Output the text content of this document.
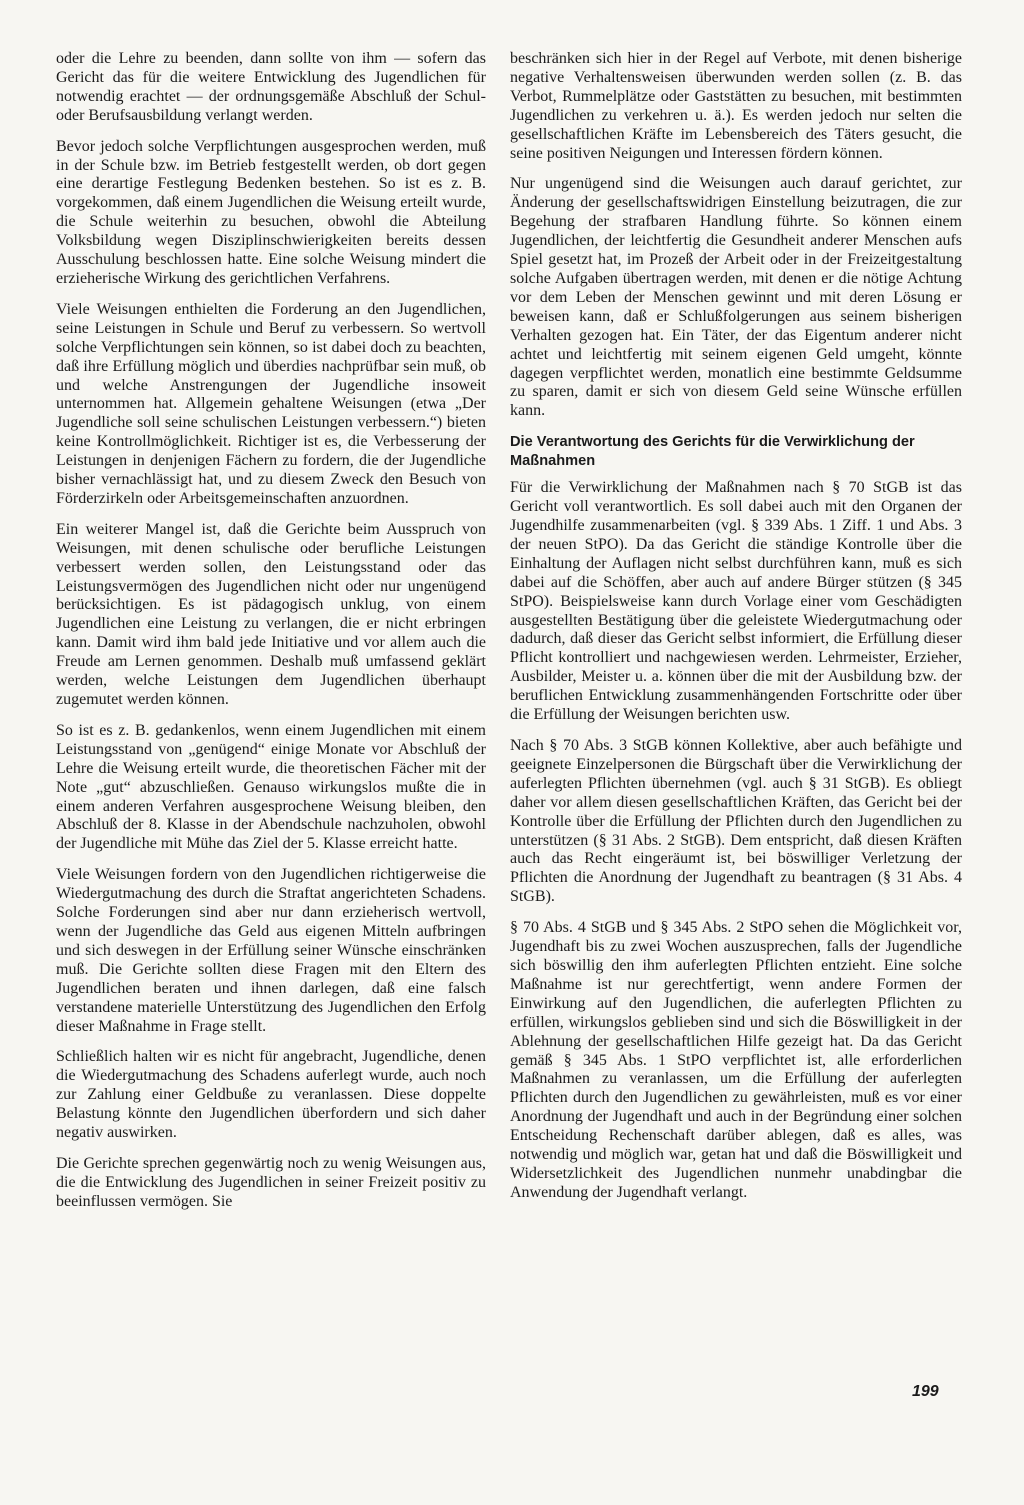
oder die Lehre zu beenden, dann sollte von ihm — sofern das Gericht das für die weitere Entwicklung des Jugendlichen für notwendig erachtet — der ordnungsgemäße Abschluß der Schul- oder Berufsausbildung verlangt werden.

Bevor jedoch solche Verpflichtungen ausgesprochen werden, muß in der Schule bzw. im Betrieb festgestellt werden, ob dort gegen eine derartige Festlegung Bedenken bestehen. So ist es z. B. vorgekommen, daß einem Jugendlichen die Weisung erteilt wurde, die Schule weiterhin zu besuchen, obwohl die Abteilung Volksbildung wegen Disziplinschwierigkeiten bereits dessen Ausschulung beschlossen hatte. Eine solche Weisung mindert die erzieherische Wirkung des gerichtlichen Verfahrens.

Viele Weisungen enthielten die Forderung an den Jugendlichen, seine Leistungen in Schule und Beruf zu verbessern. So wertvoll solche Verpflichtungen sein können, so ist dabei doch zu beachten, daß ihre Erfüllung möglich und überdies nachprüfbar sein muß, ob und welche Anstrengungen der Jugendliche insoweit unternommen hat. Allgemein gehaltene Weisungen (etwa „Der Jugendliche soll seine schulischen Leistungen verbessern.“) bieten keine Kontrollmöglichkeit. Richtiger ist es, die Verbesserung der Leistungen in denjenigen Fächern zu fordern, die der Jugendliche bisher vernachlässigt hat, und zu diesem Zweck den Besuch von Förderzirkeln oder Arbeitsgemeinschaften anzuordnen.

Ein weiterer Mangel ist, daß die Gerichte beim Ausspruch von Weisungen, mit denen schulische oder berufliche Leistungen verbessert werden sollen, den Leistungsstand oder das Leistungsvermögen des Jugendlichen nicht oder nur ungenügend berücksichtigen. Es ist pädagogisch unklug, von einem Jugendlichen eine Leistung zu verlangen, die er nicht erbringen kann. Damit wird ihm bald jede Initiative und vor allem auch die Freude am Lernen genommen. Deshalb muß umfassend geklärt werden, welche Leistungen dem Jugendlichen überhaupt zugemutet werden können.

So ist es z. B. gedankenlos, wenn einem Jugendlichen mit einem Leistungsstand von „genügend“ einige Monate vor Abschluß der Lehre die Weisung erteilt wurde, die theoretischen Fächer mit der Note „gut“ abzuschließen. Genauso wirkungslos mußte die in einem anderen Verfahren ausgesprochene Weisung bleiben, den Abschluß der 8. Klasse in der Abendschule nachzuholen, obwohl der Jugendliche mit Mühe das Ziel der 5. Klasse erreicht hatte.

Viele Weisungen fordern von den Jugendlichen richtigerweise die Wiedergutmachung des durch die Straftat angerichteten Schadens. Solche Forderungen sind aber nur dann erzieherisch wertvoll, wenn der Jugendliche das Geld aus eigenen Mitteln aufbringen und sich deswegen in der Erfüllung seiner Wünsche einschränken muß. Die Gerichte sollten diese Fragen mit den Eltern des Jugendlichen beraten und ihnen darlegen, daß eine falsch verstandene materielle Unterstützung des Jugendlichen den Erfolg dieser Maßnahme in Frage stellt.

Schließlich halten wir es nicht für angebracht, Jugendliche, denen die Wiedergutmachung des Schadens auferlegt wurde, auch noch zur Zahlung einer Geldbuße zu veranlassen. Diese doppelte Belastung könnte den Jugendlichen überfordern und sich daher negativ auswirken.

Die Gerichte sprechen gegenwärtig noch zu wenig Weisungen aus, die die Entwicklung des Jugendlichen in seiner Freizeit positiv zu beeinflussen vermögen. Sie

beschränken sich hier in der Regel auf Verbote, mit denen bisherige negative Verhaltensweisen überwunden werden sollen (z. B. das Verbot, Rummelplätze oder Gaststätten zu besuchen, mit bestimmten Jugendlichen zu verkehren u. ä.). Es werden jedoch nur selten die gesellschaftlichen Kräfte im Lebensbereich des Täters gesucht, die seine positiven Neigungen und Interessen fördern können.

Nur ungenügend sind die Weisungen auch darauf gerichtet, zur Änderung der gesellschaftswidrigen Einstellung beizutragen, die zur Begehung der strafbaren Handlung führte. So können einem Jugendlichen, der leichtfertig die Gesundheit anderer Menschen aufs Spiel gesetzt hat, im Prozeß der Arbeit oder in der Freizeitgestaltung solche Aufgaben übertragen werden, mit denen er die nötige Achtung vor dem Leben der Menschen gewinnt und mit deren Lösung er beweisen kann, daß er Schlußfolgerungen aus seinem bisherigen Verhalten gezogen hat. Ein Täter, der das Eigentum anderer nicht achtet und leichtfertig mit seinem eigenen Geld umgeht, könnte dagegen verpflichtet werden, monatlich eine bestimmte Geldsumme zu sparen, damit er sich von diesem Geld seine Wünsche erfüllen kann.

Die Verantwortung des Gerichts für die Verwirklichung der Maßnahmen

Für die Verwirklichung der Maßnahmen nach § 70 StGB ist das Gericht voll verantwortlich. Es soll dabei auch mit den Organen der Jugendhilfe zusammenarbeiten (vgl. § 339 Abs. 1 Ziff. 1 und Abs. 3 der neuen StPO). Da das Gericht die ständige Kontrolle über die Einhaltung der Auflagen nicht selbst durchführen kann, muß es sich dabei auf die Schöffen, aber auch auf andere Bürger stützen (§ 345 StPO). Beispielsweise kann durch Vorlage einer vom Geschädigten ausgestellten Bestätigung über die geleistete Wiedergutmachung oder dadurch, daß dieser das Gericht selbst informiert, die Erfüllung dieser Pflicht kontrolliert und nachgewiesen werden. Lehrmeister, Erzieher, Ausbilder, Meister u. a. können über die mit der Ausbildung bzw. der beruflichen Entwicklung zusammenhängenden Fortschritte oder über die Erfüllung der Weisungen berichten usw.

Nach § 70 Abs. 3 StGB können Kollektive, aber auch befähigte und geeignete Einzelpersonen die Bürgschaft über die Verwirklichung der auferlegten Pflichten übernehmen (vgl. auch § 31 StGB). Es obliegt daher vor allem diesen gesellschaftlichen Kräften, das Gericht bei der Kontrolle über die Erfüllung der Pflichten durch den Jugendlichen zu unterstützen (§ 31 Abs. 2 StGB). Dem entspricht, daß diesen Kräften auch das Recht eingeräumt ist, bei böswilliger Verletzung der Pflichten die Anordnung der Jugendhaft zu beantragen (§ 31 Abs. 4 StGB).

§ 70 Abs. 4 StGB und § 345 Abs. 2 StPO sehen die Möglichkeit vor, Jugendhaft bis zu zwei Wochen auszusprechen, falls der Jugendliche sich böswillig den ihm auferlegten Pflichten entzieht. Eine solche Maßnahme ist nur gerechtfertigt, wenn andere Formen der Einwirkung auf den Jugendlichen, die auferlegten Pflichten zu erfüllen, wirkungslos geblieben sind und sich die Böswilligkeit in der Ablehnung der gesellschaftlichen Hilfe gezeigt hat. Da das Gericht gemäß § 345 Abs. 1 StPO verpflichtet ist, alle erforderlichen Maßnahmen zu veranlassen, um die Erfüllung der auferlegten Pflichten durch den Jugendlichen zu gewährleisten, muß es vor einer Anordnung der Jugendhaft und auch in der Begründung einer solchen Entscheidung Rechenschaft darüber ablegen, daß es alles, was notwendig und möglich war, getan hat und daß die Böswilligkeit und Widersetzlichkeit des Jugendlichen nunmehr unabdingbar die Anwendung der Jugendhaft verlangt.

199
